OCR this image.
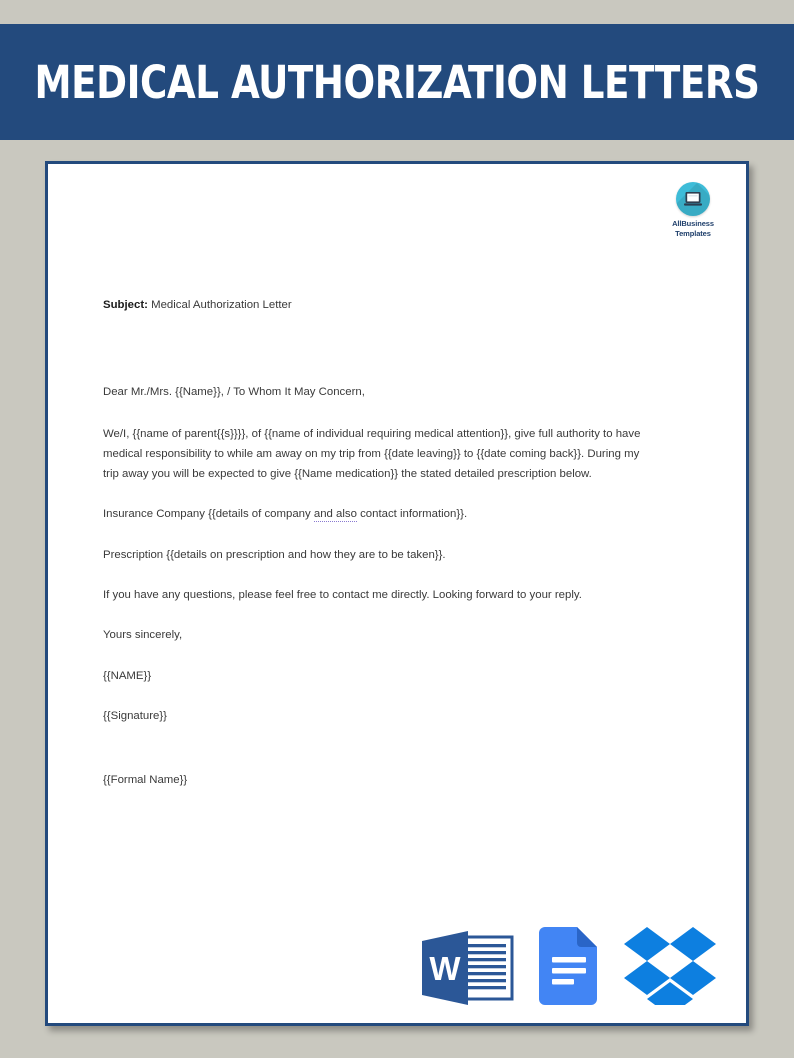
MEDICAL AUTHORIZATION LETTERS
AllBusiness
Templates

Subject: Medical Authorization Letter

Dear Mr./Mrs. {{Name}}, / To Whom It May Concern,

We/I, {{name of parent{{s}}}}, of {{name of individual requiring medical attention}}, give full authority to have medical responsibility to while am away on my trip from {{date leaving}} to {{date coming back}}. During my trip away you will be expected to give {{Name medication}} the stated detailed prescription below.

Insurance Company {{details of company and also contact information}}.

Prescription {{details on prescription and how they are to be taken}}.

If you have any questions, please feel free to contact me directly. Looking forward to your reply.

Yours sincerely,

{{NAME}}

{{Signature}}

{{Formal Name}}

W
